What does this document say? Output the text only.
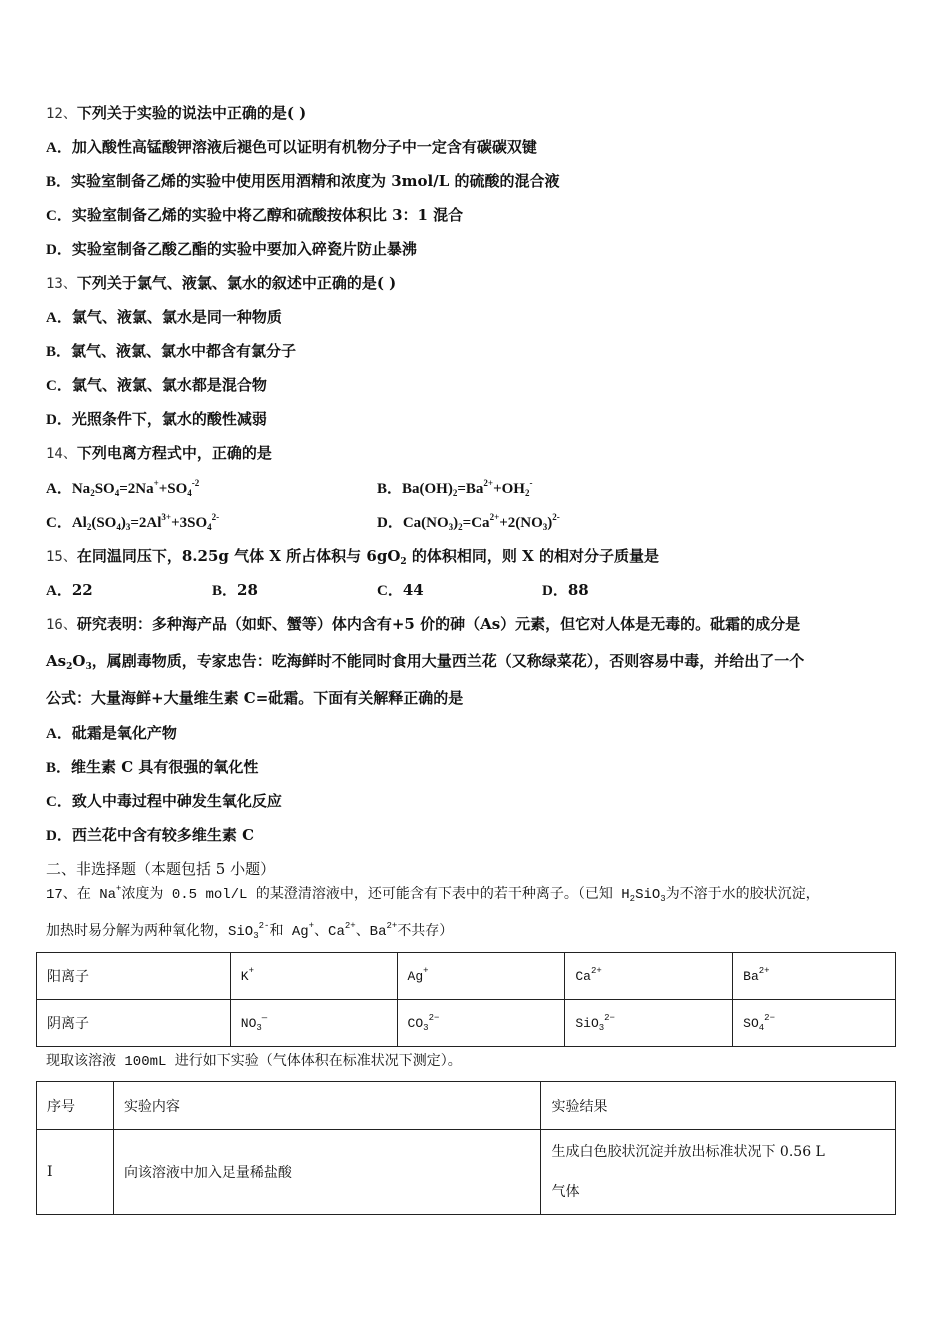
12、下列关于实验的说法中正确的是( )
A．加入酸性高锰酸钾溶液后褪色可以证明有机物分子中一定含有碳碳双键
B．实验室制备乙烯的实验中使用医用酒精和浓度为 3mol/L 的硫酸的混合液
C．实验室制备乙烯的实验中将乙醇和硫酸按体积比 3：1 混合
D．实验室制备乙酸乙酯的实验中要加入碎瓷片防止暴沸
13、下列关于氯气、液氯、氯水的叙述中正确的是( )
A．氯气、液氯、氯水是同一种物质
B．氯气、液氯、氯水中都含有氯分子
C．氯气、液氯、氯水都是混合物
D．光照条件下，氯水的酸性减弱
14、下列电离方程式中，正确的是
A．$Na_2SO_4=2Na^++SO_4^{-2}$	B．$Ba(OH)_2=Ba^{2+}+OH_2^-$
C．$Al_2(SO_4)_3=2Al^{3+}+3SO_4^{2-}$	D．$Ca(NO_3)_2=Ca^{2+}+2(NO_3)^{2-}$
15、在同温同压下，8.25g 气体 X 所占体积与 $6gO_2$ 的体积相同，则 X 的相对分子质量是
A．22	B．28	C．44	D．88
16、研究表明：多种海产品（如虾、蟹等）体内含有+5 价的砷（As）元素，但它对人体是无毒的。砒霜的成分是
$As_2O_3$，属剧毒物质，专家忠告：吃海鲜时不能同时食用大量西兰花（又称绿菜花），否则容易中毒，并给出了一个
公式：大量海鲜+大量维生素 C=砒霜。下面有关解释正确的是
A．砒霜是氧化产物
B．维生素 C 具有很强的氧化性
C．致人中毒过程中砷发生氧化反应
D．西兰花中含有较多维生素 C
二、非选择题（本题包括 5 小题）
17、在 Na+浓度为 0.5 mol/L 的某澄清溶液中，还可能含有下表中的若干种离子。（已知 $H_2SiO_3$为不溶于水的胶状沉淀，
加热时易分解为两种氧化物，SiO$_3^{2-}$和 Ag+、$Ca^{2+}$、$Ba^{2+}$不共存）
阳离子	K+	Ag+	$Ca^{2+}$	$Ba^{2+}$
阴离子	$NO_3^—$	$CO_3^{2-}$	SiO$_3^{2-}$	$SO_4^{2-}$
现取该溶液 100mL 进行如下实验（气体体积在标准状况下测定）。
序号	实验内容	实验结果
Ⅰ	向该溶液中加入足量稀盐酸	生成白色胶状沉淀并放出标准状况下 0.56 L
气体
